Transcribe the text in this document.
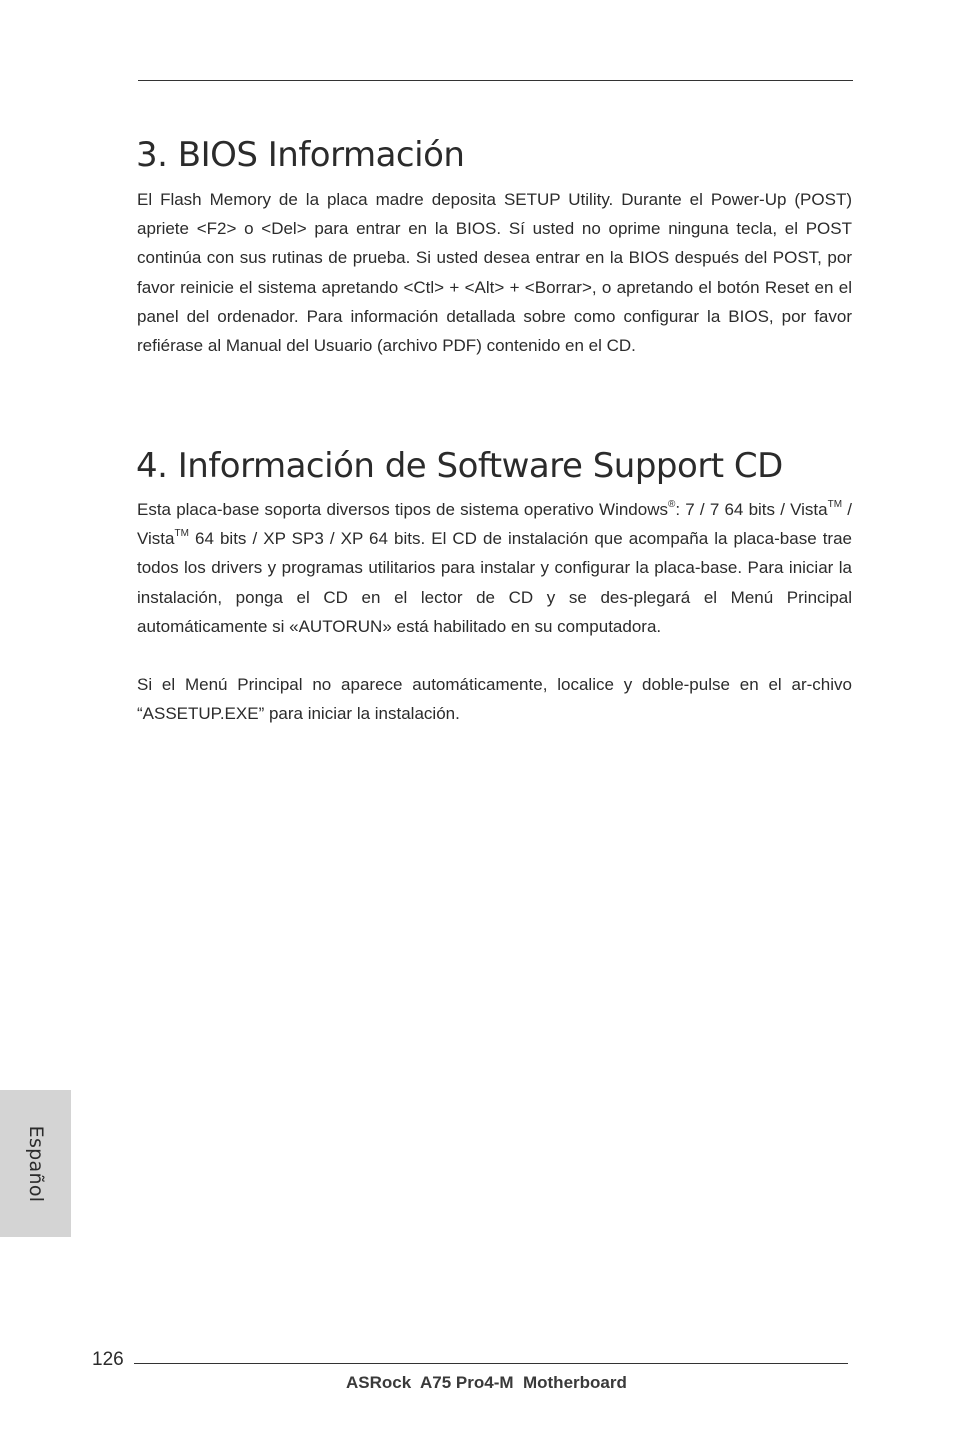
3. BIOS Información

El Flash Memory de la placa madre deposita SETUP Utility. Durante el Power-Up (POST) apriete <F2> o <Del> para entrar en la BIOS. Sí usted no oprime ninguna tecla, el POST continúa con sus rutinas de prueba. Si usted desea entrar en la BIOS después del POST, por favor reinicie el sistema apretando <Ctl> + <Alt> + <Borrar>, o apretando el botón Reset en el panel del ordenador. Para información detallada sobre como configurar la BIOS, por favor refiérase al Manual del Usuario (archivo PDF) contenido en el CD.

4. Información de Software Support CD

Esta placa-base soporta diversos tipos de sistema operativo Windows®: 7 / 7 64 bits / Vista™ / Vista™ 64 bits / XP SP3 / XP 64 bits. El CD de instalación que acompaña la placa-base trae todos los drivers y programas utilitarios para instalar y configurar la placa-base. Para iniciar la instalación, ponga el CD en el lector de CD y se des-plegará el Menú Principal automáticamente si «AUTORUN» está habilitado en su computadora.

Si el Menú Principal no aparece automáticamente, localice y doble-pulse en el ar-chivo “ASSETUP.EXE” para iniciar la instalación.

Español
126
ASRock  A75 Pro4-M  Motherboard
